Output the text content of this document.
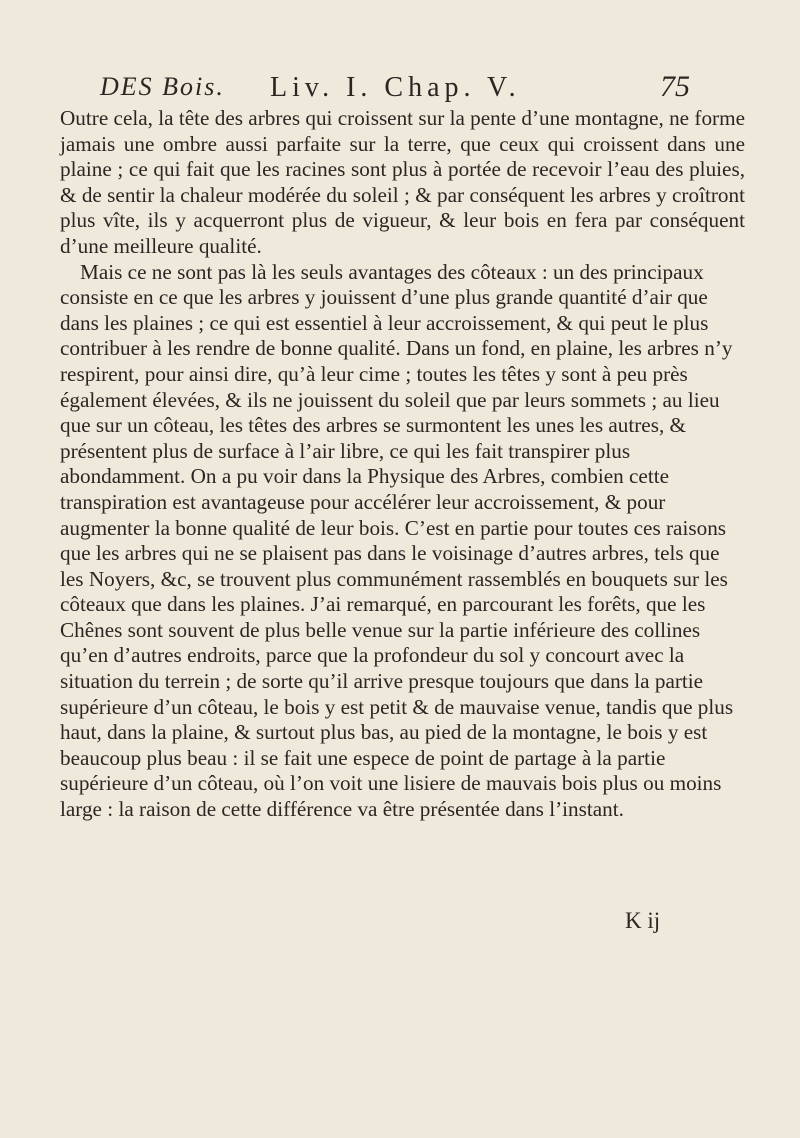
DES Bois. Liv. I. Chap. V.	75

Outre cela, la tête des arbres qui croissent sur la pente d’une montagne, ne forme jamais une ombre aussi parfaite sur la terre, que ceux qui croissent dans une plaine ; ce qui fait que les racines sont plus à portée de recevoir l’eau des pluies, & de sentir la chaleur modérée du soleil ; & par conséquent les arbres y croîtront plus vîte, ils y acquerront plus de vigueur, & leur bois en fera par conséquent d’une meilleure qualité.

Mais ce ne sont pas là les seuls avantages des côteaux : un des principaux consiste en ce que les arbres y jouissent d’une plus grande quantité d’air que dans les plaines ; ce qui est essentiel à leur accroissement, & qui peut le plus contribuer à les rendre de bonne qualité. Dans un fond, en plaine, les arbres n’y respirent, pour ainsi dire, qu’à leur cime ; toutes les têtes y sont à peu près également élevées, & ils ne jouissent du soleil que par leurs sommets ; au lieu que sur un côteau, les têtes des arbres se surmontent les unes les autres, & présentent plus de surface à l’air libre, ce qui les fait transpirer plus abondamment. On a pu voir dans la Physique des Arbres, combien cette transpiration est avantageuse pour accélérer leur accroissement, & pour augmenter la bonne qualité de leur bois. C’est en partie pour toutes ces raisons que les arbres qui ne se plaisent pas dans le voisinage d’autres arbres, tels que les Noyers, &c, se trouvent plus communément rassemblés en bouquets sur les côteaux que dans les plaines. J’ai remarqué, en parcourant les forêts, que les Chênes sont souvent de plus belle venue sur la partie inférieure des collines qu’en d’autres endroits, parce que la profondeur du sol y concourt avec la situation du terrein ; de sorte qu’il arrive presque toujours que dans la partie supérieure d’un côteau, le bois y est petit & de mauvaise venue, tandis que plus haut, dans la plaine, & surtout plus bas, au pied de la montagne, le bois y est beaucoup plus beau : il se fait une espece de point de partage à la partie supérieure d’un côteau, où l’on voit une lisiere de mauvais bois plus ou moins large : la raison de cette différence va être présentée dans l’instant.

K ij
